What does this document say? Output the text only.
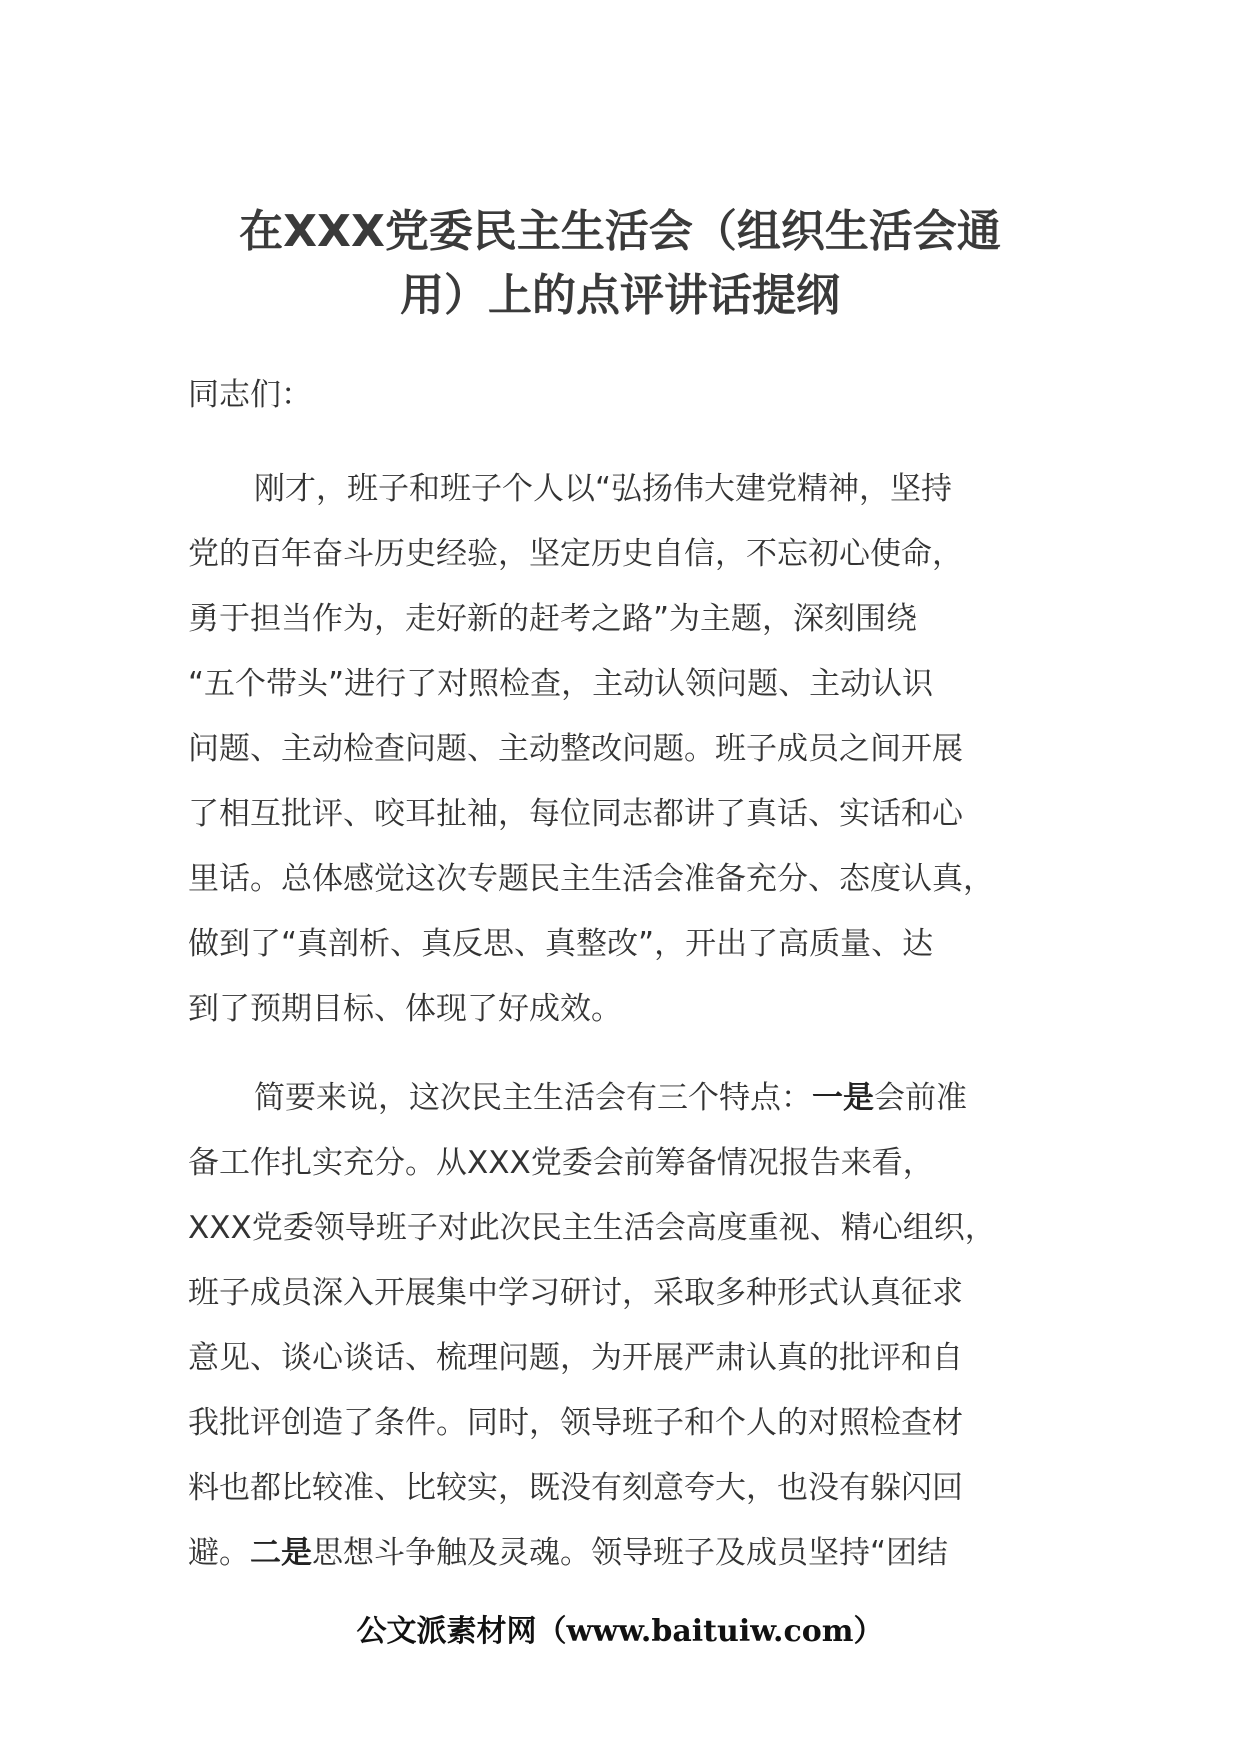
在XXX党委民主生活会（组织生活会通
用）上的点评讲话提纲
同志们：
刚才，班子和班子个人以“弘扬伟大建党精神，坚持
党的百年奋斗历史经验，坚定历史自信，不忘初心使命，
勇于担当作为，走好新的赶考之路”为主题，深刻围绕
“五个带头”进行了对照检查，主动认领问题、主动认识
问题、主动检查问题、主动整改问题。班子成员之间开展
了相互批评、咬耳扯袖，每位同志都讲了真话、实话和心
里话。总体感觉这次专题民主生活会准备充分、态度认真，
做到了“真剖析、真反思、真整改”，开出了高质量、达
到了预期目标、体现了好成效。
简要来说，这次民主生活会有三个特点：一是会前准
备工作扎实充分。从XXX党委会前筹备情况报告来看，
XXX党委领导班子对此次民主生活会高度重视、精心组织，
班子成员深入开展集中学习研讨，采取多种形式认真征求
意见、谈心谈话、梳理问题，为开展严肃认真的批评和自
我批评创造了条件。同时，领导班子和个人的对照检查材
料也都比较准、比较实，既没有刻意夸大，也没有躲闪回
避。二是思想斗争触及灵魂。领导班子及成员坚持“团结
公文派素材网（www.baituiw.com）
